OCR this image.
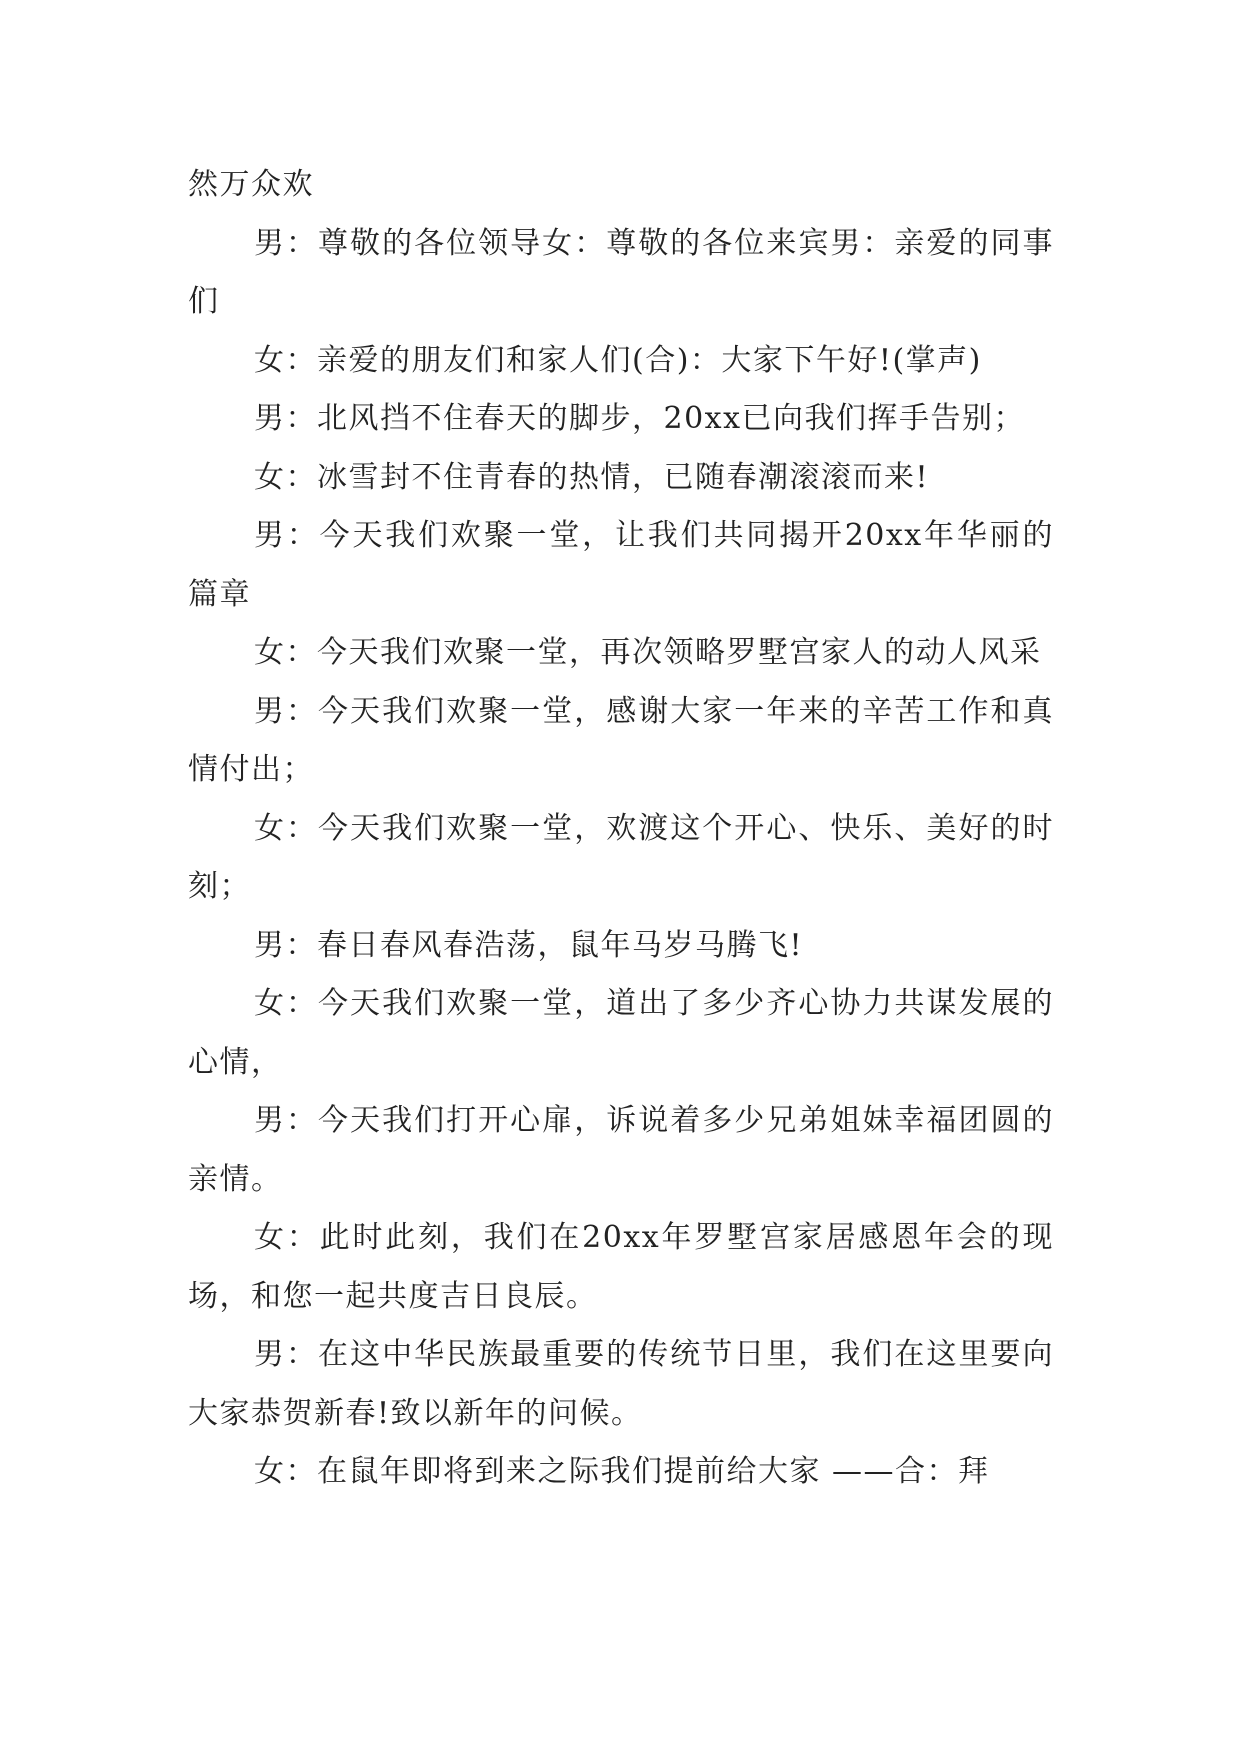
然万众欢

男：尊敬的各位领导女：尊敬的各位来宾男：亲爱的同事们

女：亲爱的朋友们和家人们(合)：大家下午好!(掌声)

男：北风挡不住春天的脚步，20xx已向我们挥手告别；

女：冰雪封不住青春的热情，已随春潮滚滚而来!

男：今天我们欢聚一堂，让我们共同揭开20xx年华丽的篇章

女：今天我们欢聚一堂，再次领略罗墅宫家人的动人风采

男：今天我们欢聚一堂，感谢大家一年来的辛苦工作和真情付出；

女：今天我们欢聚一堂，欢渡这个开心、快乐、美好的时刻；

男：春日春风春浩荡，鼠年马岁马腾飞!

女：今天我们欢聚一堂，道出了多少齐心协力共谋发展的心情，

男：今天我们打开心扉，诉说着多少兄弟姐妹幸福团圆的亲情。

女：此时此刻，我们在20xx年罗墅宫家居感恩年会的现场，和您一起共度吉日良辰。

男：在这中华民族最重要的传统节日里，我们在这里要向大家恭贺新春!致以新年的问候。

女：在鼠年即将到来之际我们提前给大家 ——合：拜
